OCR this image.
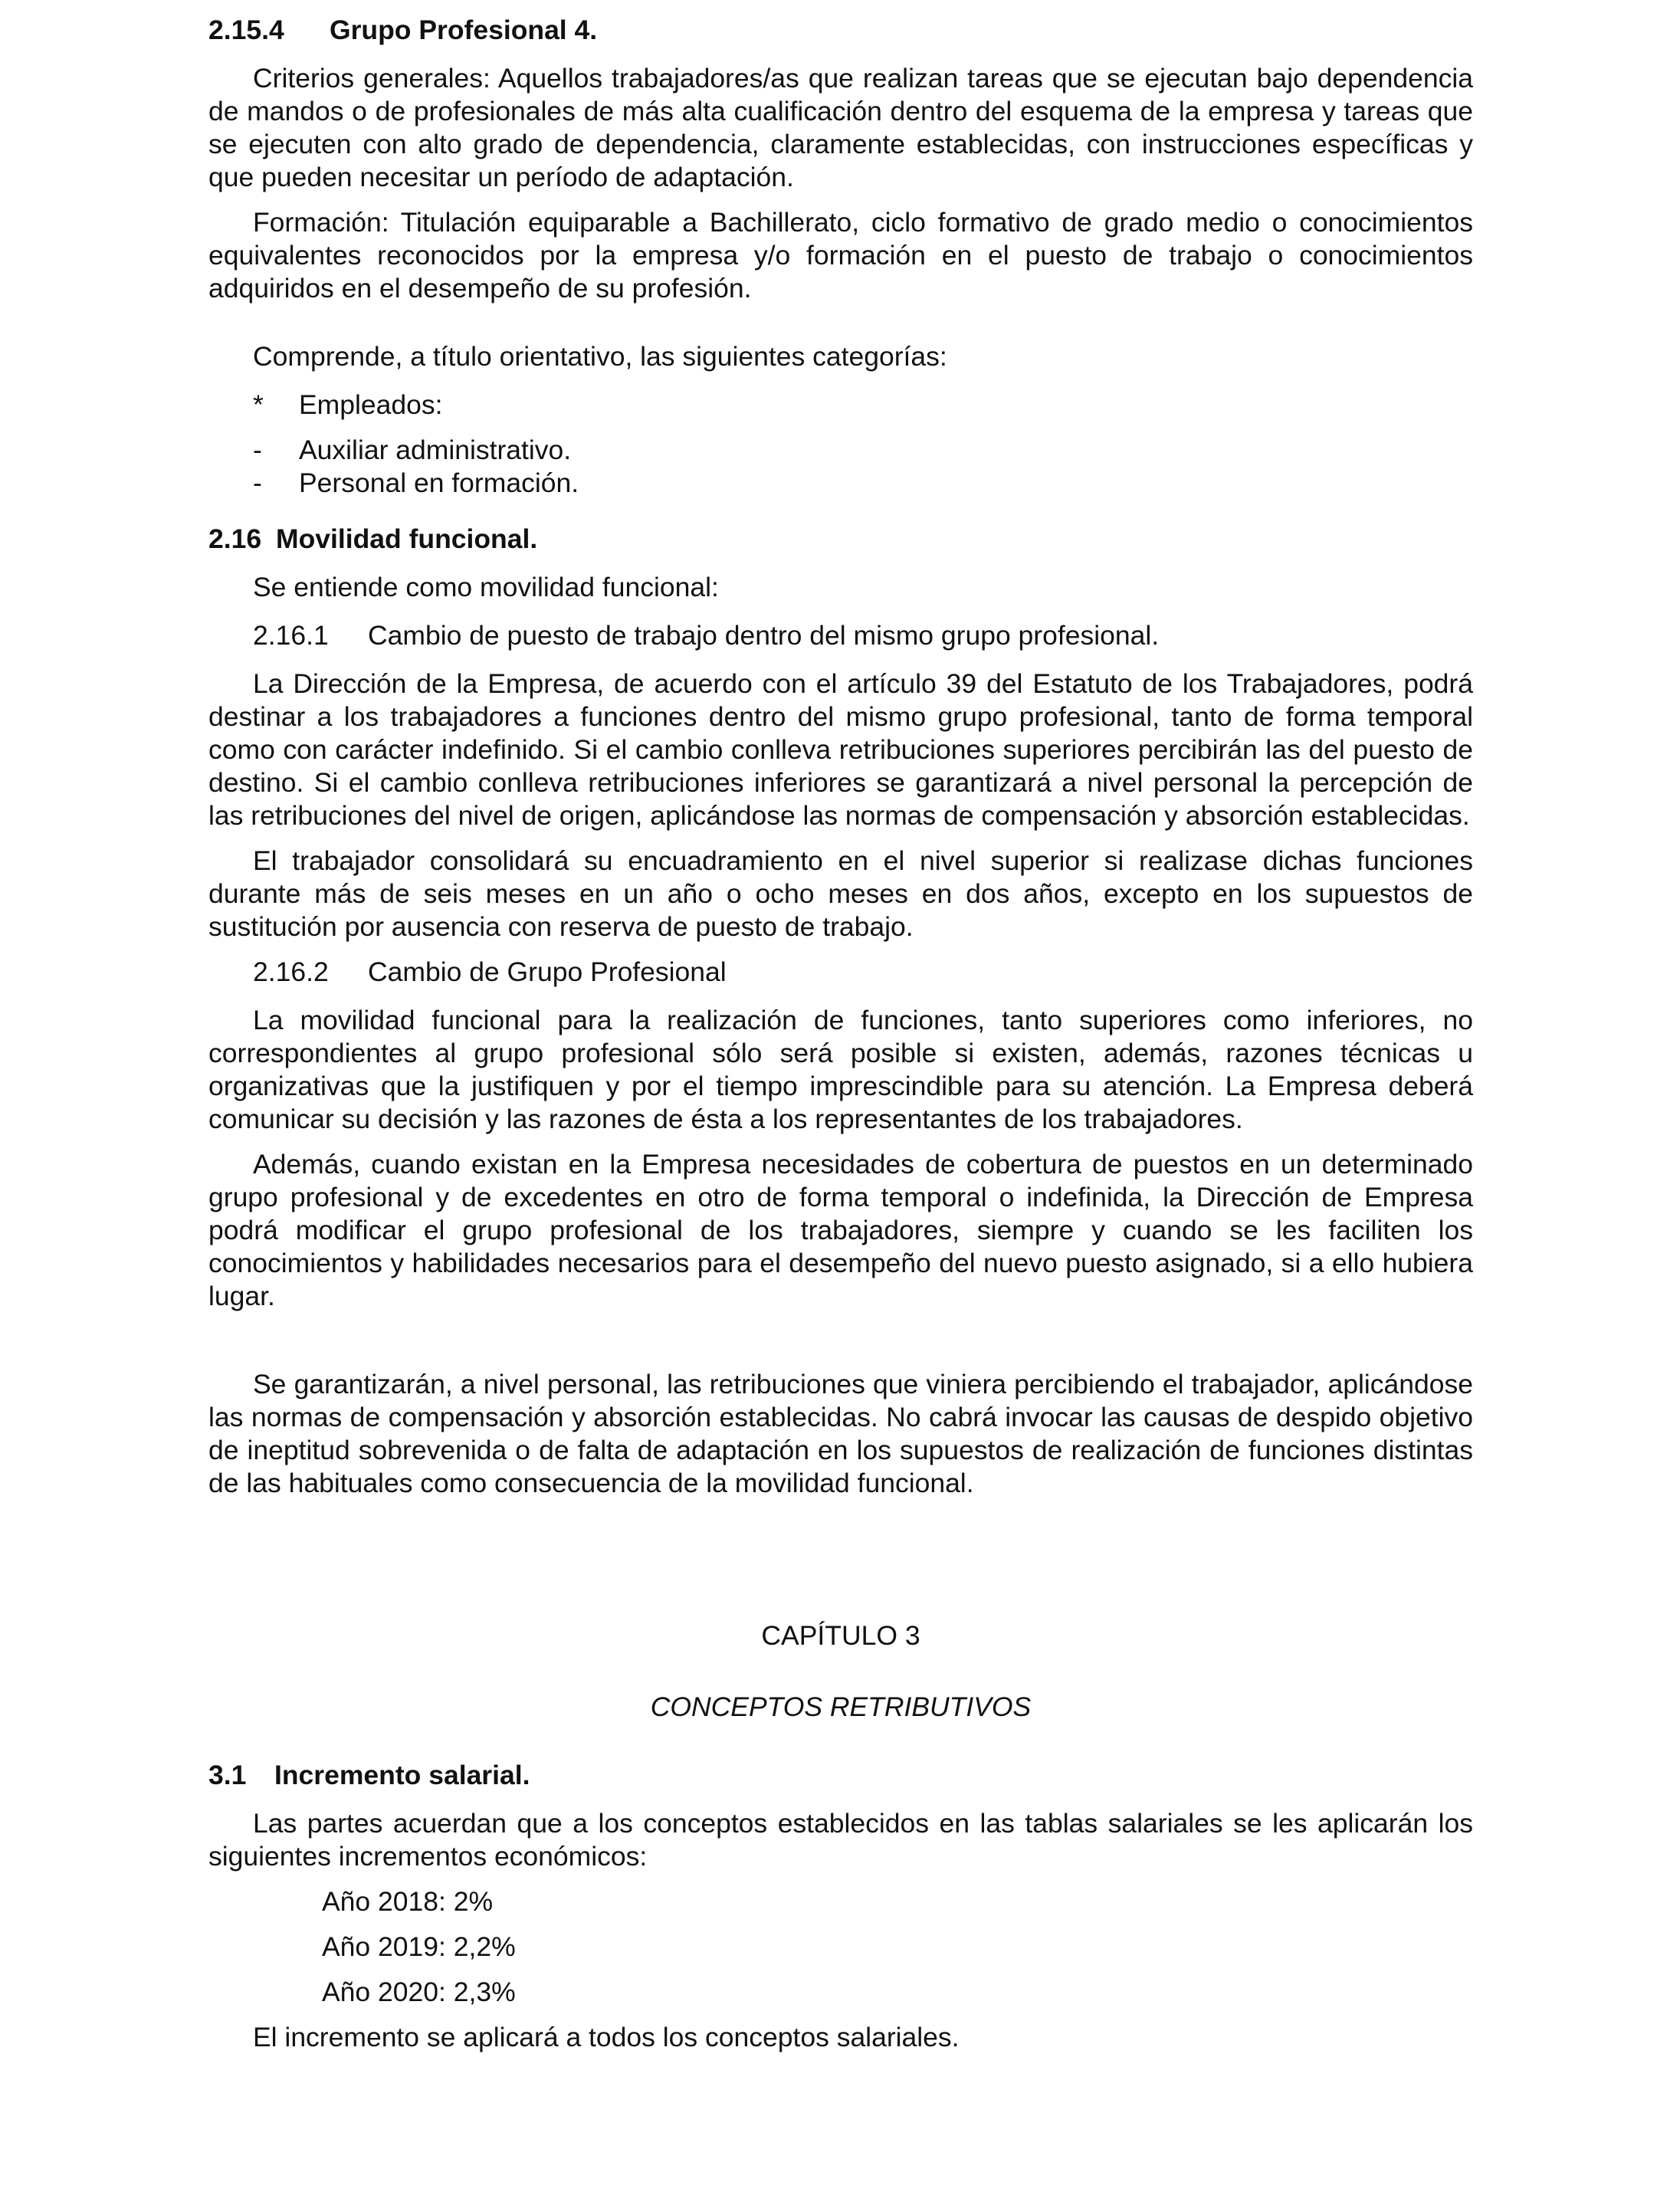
2.15.4 Grupo Profesional 4.

Criterios generales: Aquellos trabajadores/as que realizan tareas que se ejecutan bajo dependencia de mandos o de profesionales de más alta cualificación dentro del esquema de la empresa y tareas que se ejecuten con alto grado de dependencia, claramente establecidas, con instrucciones específicas y que pueden necesitar un período de adaptación.

Formación: Titulación equiparable a Bachillerato, ciclo formativo de grado medio o conocimientos equivalentes reconocidos por la empresa y/o formación en el puesto de trabajo o conocimientos adquiridos en el desempeño de su profesión.

Comprende, a título orientativo, las siguientes categorías:

* Empleados:
- Auxiliar administrativo.
- Personal en formación.
2.16 Movilidad funcional.

Se entiende como movilidad funcional:

2.16.1 Cambio de puesto de trabajo dentro del mismo grupo profesional.

La Dirección de la Empresa, de acuerdo con el artículo 39 del Estatuto de los Trabajadores, podrá destinar a los trabajadores a funciones dentro del mismo grupo profesional, tanto de forma temporal como con carácter indefinido. Si el cambio conlleva retribuciones superiores percibirán las del puesto de destino. Si el cambio conlleva retribuciones inferiores se garantizará a nivel personal la percepción de las retribuciones del nivel de origen, aplicándose las normas de compensación y absorción establecidas.

El trabajador consolidará su encuadramiento en el nivel superior si realizase dichas funciones durante más de seis meses en un año o ocho meses en dos años, excepto en los supuestos de sustitución por ausencia con reserva de puesto de trabajo.

2.16.2 Cambio de Grupo Profesional

La movilidad funcional para la realización de funciones, tanto superiores como inferiores, no correspondientes al grupo profesional sólo será posible si existen, además, razones técnicas u organizativas que la justifiquen y por el tiempo imprescindible para su atención. La Empresa deberá comunicar su decisión y las razones de ésta a los representantes de los trabajadores.

Además, cuando existan en la Empresa necesidades de cobertura de puestos en un determinado grupo profesional y de excedentes en otro de forma temporal o indefinida, la Dirección de Empresa podrá modificar el grupo profesional de los trabajadores, siempre y cuando se les faciliten los conocimientos y habilidades necesarios para el desempeño del nuevo puesto asignado, si a ello hubiera lugar.

Se garantizarán, a nivel personal, las retribuciones que viniera percibiendo el trabajador, aplicándose las normas de compensación y absorción establecidas. No cabrá invocar las causas de despido objetivo de ineptitud sobrevenida o de falta de adaptación en los supuestos de realización de funciones distintas de las habituales como consecuencia de la movilidad funcional.

CAPÍTULO 3

CONCEPTOS RETRIBUTIVOS

3.1 Incremento salarial.

Las partes acuerdan que a los conceptos establecidos en las tablas salariales se les aplicarán los siguientes incrementos económicos:

Año 2018: 2%

Año 2019: 2,2%

Año 2020: 2,3%

El incremento se aplicará a todos los conceptos salariales.
